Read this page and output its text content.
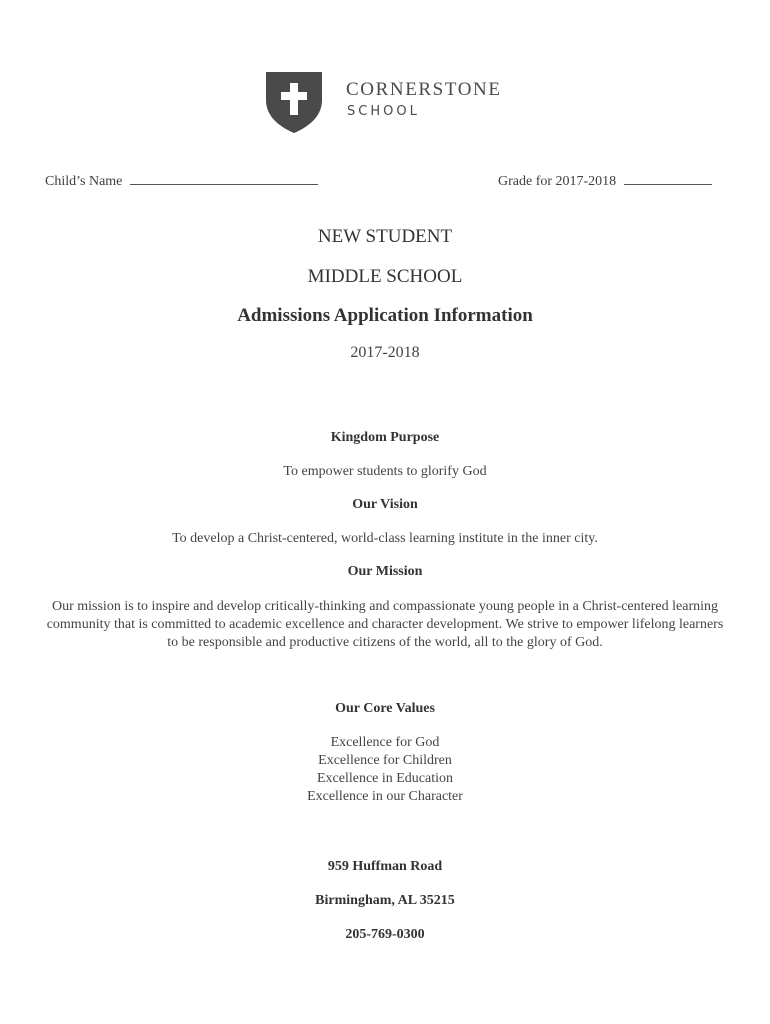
CORNERSTONE
SCHOOL
Child’s Name	Grade for 2017-2018
NEW STUDENT
MIDDLE SCHOOL
Admissions Application Information
2017-2018
Kingdom Purpose
To empower students to glorify God
Our Vision
To develop a Christ-centered, world-class learning institute in the inner city.
Our Mission
Our mission is to inspire and develop critically-thinking and compassionate young people in a Christ-centered learning community that is committed to academic excellence and character development. We strive to empower lifelong learners to be responsible and productive citizens of the world, all to the glory of God.
Our Core Values
Excellence for God
Excellence for Children
Excellence in Education
Excellence in our Character
959 Huffman Road
Birmingham, AL 35215
205-769-0300
